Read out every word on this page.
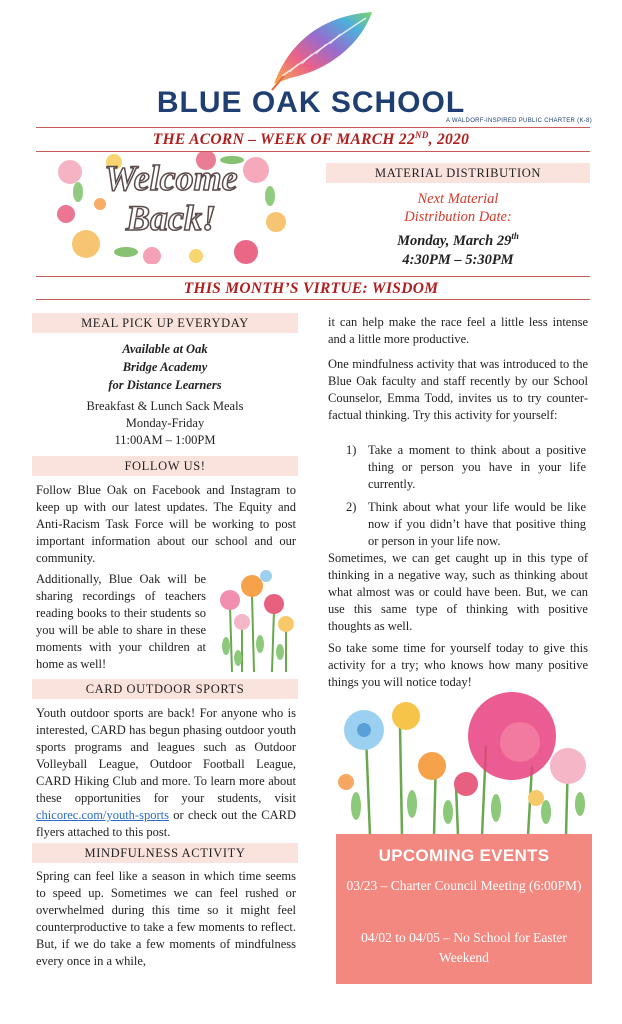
BLUE OAK SCHOOL
A WALDORF-INSPIRED PUBLIC CHARTER (K-8)
THE ACORN – WEEK OF MARCH 22ND, 2020
Welcome
Back!
MATERIAL DISTRIBUTION
Next Material
Distribution Date:
Monday, March 29th
4:30PM – 5:30PM
THIS MONTH’S VIRTUE: WISDOM
MEAL PICK UP EVERYDAY
Available at Oak
Bridge Academy
for Distance Learners
Breakfast & Lunch Sack Meals
Monday-Friday
11:00AM – 1:00PM
FOLLOW US!
Follow Blue Oak on Facebook and Instagram to keep up with our latest updates. The Equity and Anti-Racism Task Force will be working to post important information about our school and our community.
Additionally, Blue Oak will be sharing recordings of teachers reading books to their students so you will be able to share in these moments with your children at home as well!
CARD OUTDOOR SPORTS
Youth outdoor sports are back! For anyone who is interested, CARD has begun phasing outdoor youth sports programs and leagues such as Outdoor Volleyball League, Outdoor Football League, CARD Hiking Club and more. To learn more about these opportunities for your students, visit chicorec.com/youth-sports or check out the CARD flyers attached to this post.
MINDFULNESS ACTIVITY
Spring can feel like a season in which time seems to speed up. Sometimes we can feel rushed or overwhelmed during this time so it might feel counterproductive to take a few moments to reflect. But, if we do take a few moments of mindfulness every once in a while,
it can help make the race feel a little less intense and a little more productive.
One mindfulness activity that was introduced to the Blue Oak faculty and staff recently by our School Counselor, Emma Todd, invites us to try counter-factual thinking. Try this activity for yourself:
1) Take a moment to think about a positive thing or person you have in your life currently.
2) Think about what your life would be like now if you didn’t have that positive thing or person in your life now.
Sometimes, we can get caught up in this type of thinking in a negative way, such as thinking about what almost was or could have been. But, we can use this same type of thinking with positive thoughts as well.
So take some time for yourself today to give this activity for a try; who knows how many positive things you will notice today!
UPCOMING EVENTS
03/23 – Charter Council Meeting (6:00PM)
04/02 to 04/05 – No School for Easter Weekend
